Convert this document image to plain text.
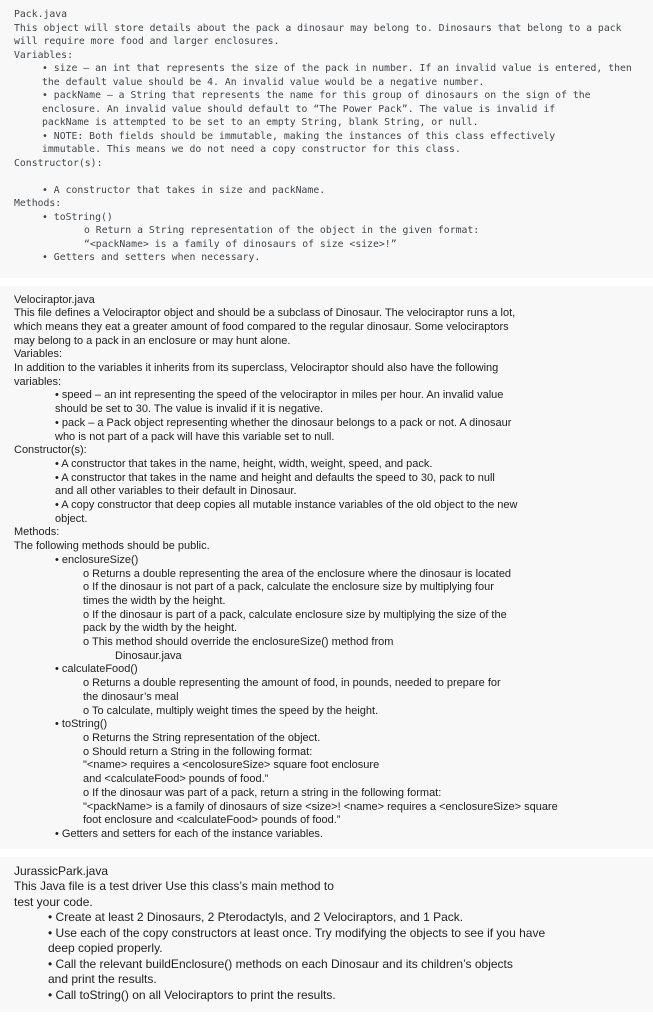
Pack.java
This object will store details about the pack a dinosaur may belong to. Dinosaurs that belong to a pack
will require more food and larger enclosures.
Variables:
• size – an int that represents the size of the pack in number. If an invalid value is entered, then
the default value should be 4. An invalid value would be a negative number.
• packName – a String that represents the name for this group of dinosaurs on the sign of the
enclosure. An invalid value should default to “The Power Pack”. The value is invalid if
packName is attempted to be set to an empty String, blank String, or null.
• NOTE: Both fields should be immutable, making the instances of this class effectively
immutable. This means we do not need a copy constructor for this class.
Constructor(s):

• A constructor that takes in size and packName.
Methods:
• toString()
o Return a String representation of the object in the given format:
“<packName> is a family of dinosaurs of size <size>!”
• Getters and setters when necessary.
Velociraptor.java
This file defines a Velociraptor object and should be a subclass of Dinosaur. The velociraptor runs a lot,
which means they eat a greater amount of food compared to the regular dinosaur. Some velociraptors
may belong to a pack in an enclosure or may hunt alone.
Variables:
In addition to the variables it inherits from its superclass, Velociraptor should also have the following
variables:
• speed – an int representing the speed of the velociraptor in miles per hour. An invalid value
should be set to 30. The value is invalid if it is negative.
• pack – a Pack object representing whether the dinosaur belongs to a pack or not. A dinosaur
who is not part of a pack will have this variable set to null.
Constructor(s):
• A constructor that takes in the name, height, width, weight, speed, and pack.
• A constructor that takes in the name and height and defaults the speed to 30, pack to null
and all other variables to their default in Dinosaur.
• A copy constructor that deep copies all mutable instance variables of the old object to the new
object.
Methods:
The following methods should be public.
• enclosureSize()
o Returns a double representing the area of the enclosure where the dinosaur is located
o If the dinosaur is not part of a pack, calculate the enclosure size by multiplying four
times the width by the height.
o If the dinosaur is part of a pack, calculate enclosure size by multiplying the size of the
pack by the width by the height.
o This method should override the enclosureSize() method from
Dinosaur.java
• calculateFood()
o Returns a double representing the amount of food, in pounds, needed to prepare for
the dinosaur’s meal
o To calculate, multiply weight times the speed by the height.
• toString()
o Returns the String representation of the object.
o Should return a String in the following format:
"<name> requires a <encolosureSize> square foot enclosure
and <calculateFood> pounds of food.”
o If the dinosaur was part of a pack, return a string in the following format:
"<packName> is a family of dinosaurs of size <size>! <name> requires a <enclosureSize> square
foot enclosure and <calculateFood> pounds of food.”
• Getters and setters for each of the instance variables.
JurassicPark.java
This Java file is a test driver Use this class’s main method to
test your code.
• Create at least 2 Dinosaurs, 2 Pterodactyls, and 2 Velociraptors, and 1 Pack.
• Use each of the copy constructors at least once. Try modifying the objects to see if you have
deep copied properly.
• Call the relevant buildEnclosure() methods on each Dinosaur and its children’s objects
and print the results.
• Call toString() on all Velociraptors to print the results.
